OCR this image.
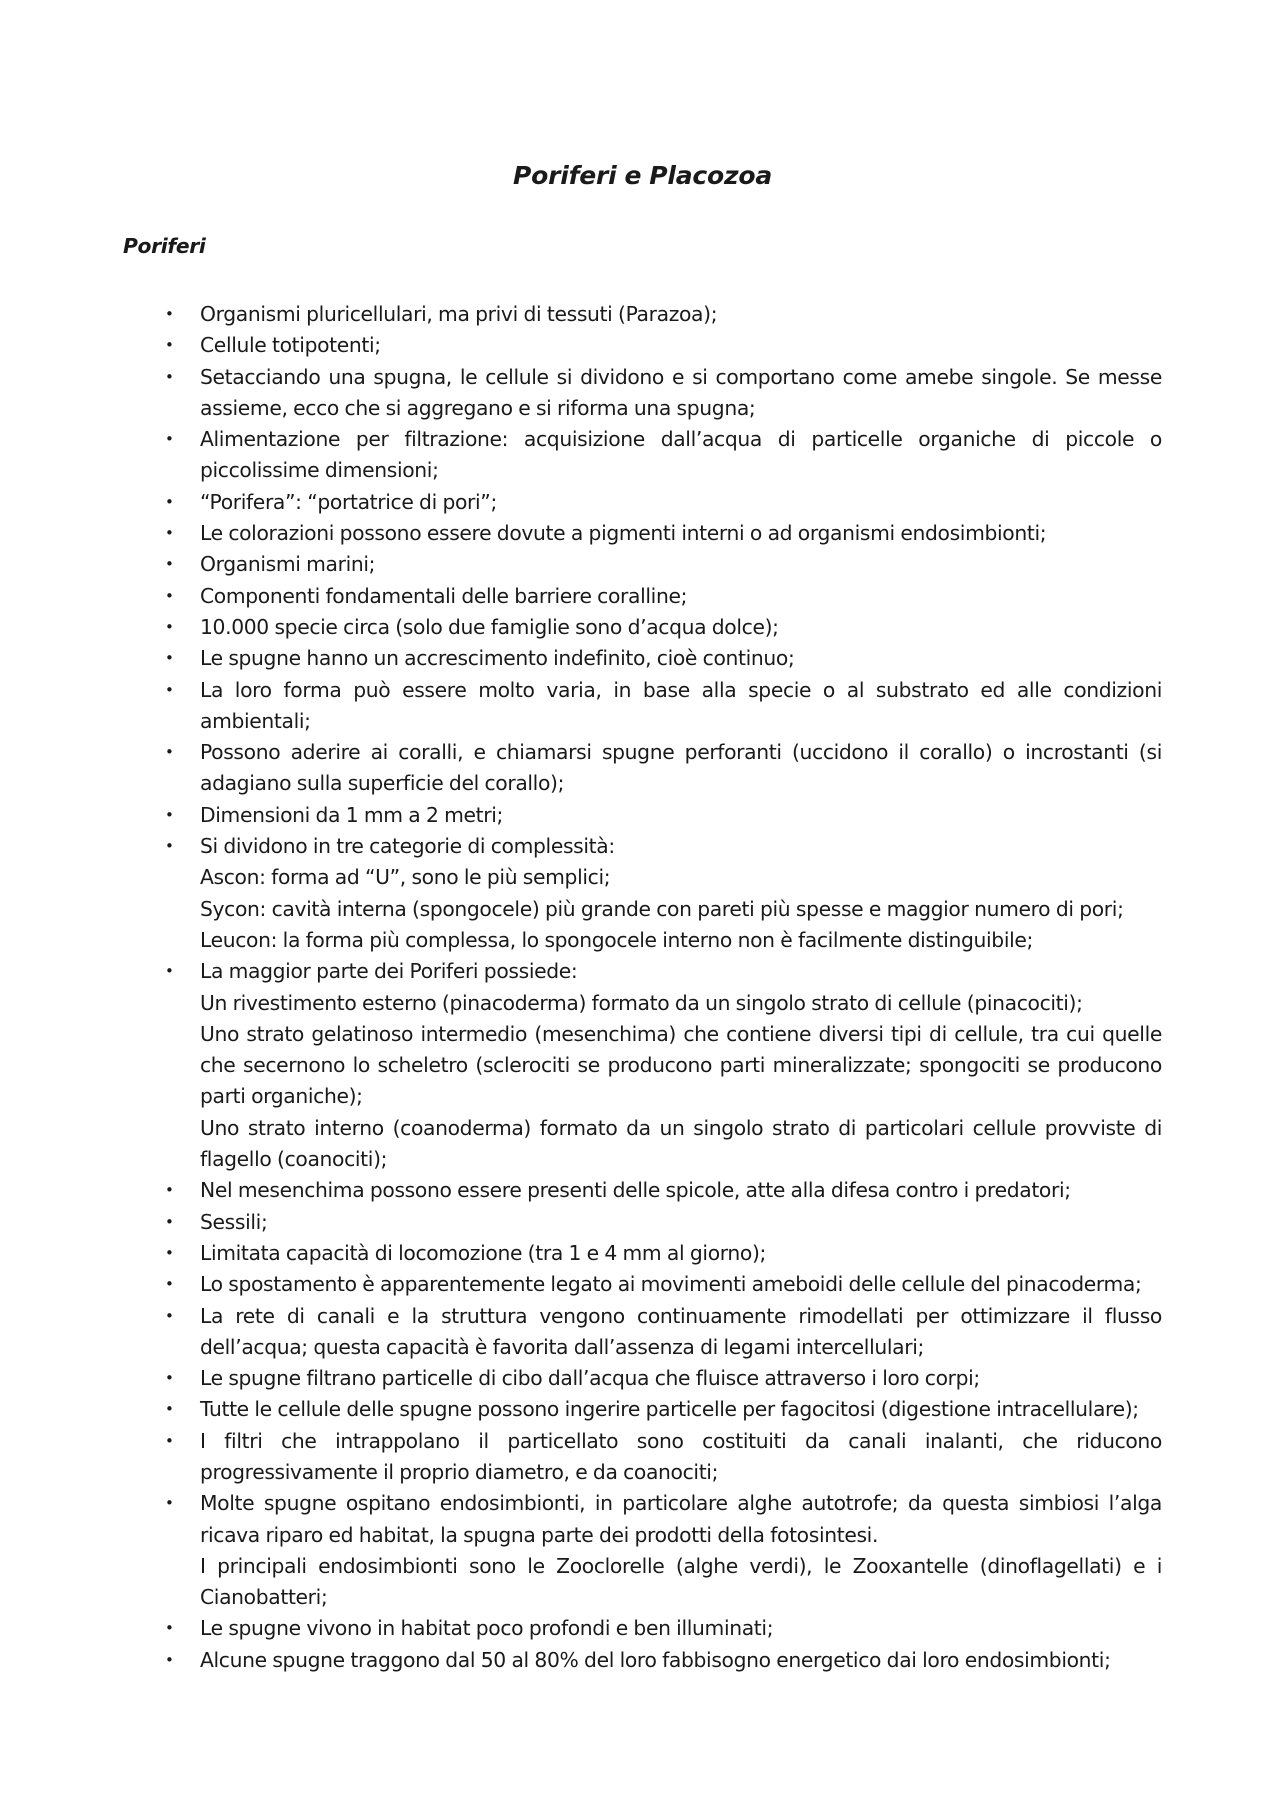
Poriferi e Placozoa
Poriferi
• Organismi pluricellulari, ma privi di tessuti (Parazoa);
• Cellule totipotenti;
• Setacciando una spugna, le cellule si dividono e si comportano come amebe singole. Se messe assieme, ecco che si aggregano e si riforma una spugna;
• Alimentazione per filtrazione: acquisizione dall’acqua di particelle organiche di piccole o piccolissime dimensioni;
• “Porifera”: “portatrice di pori”;
• Le colorazioni possono essere dovute a pigmenti interni o ad organismi endosimbionti;
• Organismi marini;
• Componenti fondamentali delle barriere coralline;
• 10.000 specie circa (solo due famiglie sono d’acqua dolce);
• Le spugne hanno un accrescimento indefinito, cioè continuo;
• La loro forma può essere molto varia, in base alla specie o al substrato ed alle condizioni ambientali;
• Possono aderire ai coralli, e chiamarsi spugne perforanti (uccidono il corallo) o incrostanti (si adagiano sulla superficie del corallo);
• Dimensioni da 1 mm a 2 metri;
• Si dividono in tre categorie di complessità:
Ascon: forma ad “U”, sono le più semplici;
Sycon: cavità interna (spongocele) più grande con pareti più spesse e maggior numero di pori;
Leucon: la forma più complessa, lo spongocele interno non è facilmente distinguibile;
• La maggior parte dei Poriferi possiede:
Un rivestimento esterno (pinacoderma) formato da un singolo strato di cellule (pinacociti);
Uno strato gelatinoso intermedio (mesenchima) che contiene diversi tipi di cellule, tra cui quelle che secernono lo scheletro (sclerociti se producono parti mineralizzate; spongociti se producono parti organiche);
Uno strato interno (coanoderma) formato da un singolo strato di particolari cellule provviste di flagello (coanociti);
• Nel mesenchima possono essere presenti delle spicole, atte alla difesa contro i predatori;
• Sessili;
• Limitata capacità di locomozione (tra 1 e 4 mm al giorno);
• Lo spostamento è apparentemente legato ai movimenti ameboidi delle cellule del pinacoderma;
• La rete di canali e la struttura vengono continuamente rimodellati per ottimizzare il flusso dell’acqua; questa capacità è favorita dall’assenza di legami intercellulari;
• Le spugne filtrano particelle di cibo dall’acqua che fluisce attraverso i loro corpi;
• Tutte le cellule delle spugne possono ingerire particelle per fagocitosi (digestione intracellulare);
• I filtri che intrappolano il particellato sono costituiti da canali inalanti, che riducono progressivamente il proprio diametro, e da coanociti;
• Molte spugne ospitano endosimbionti, in particolare alghe autotrofe; da questa simbiosi l’alga ricava riparo ed habitat, la spugna parte dei prodotti della fotosintesi.
I principali endosimbionti sono le Zooclorelle (alghe verdi), le Zooxantelle (dinoflagellati) e i Cianobatteri;
• Le spugne vivono in habitat poco profondi e ben illuminati;
• Alcune spugne traggono dal 50 al 80% del loro fabbisogno energetico dai loro endosimbionti;
